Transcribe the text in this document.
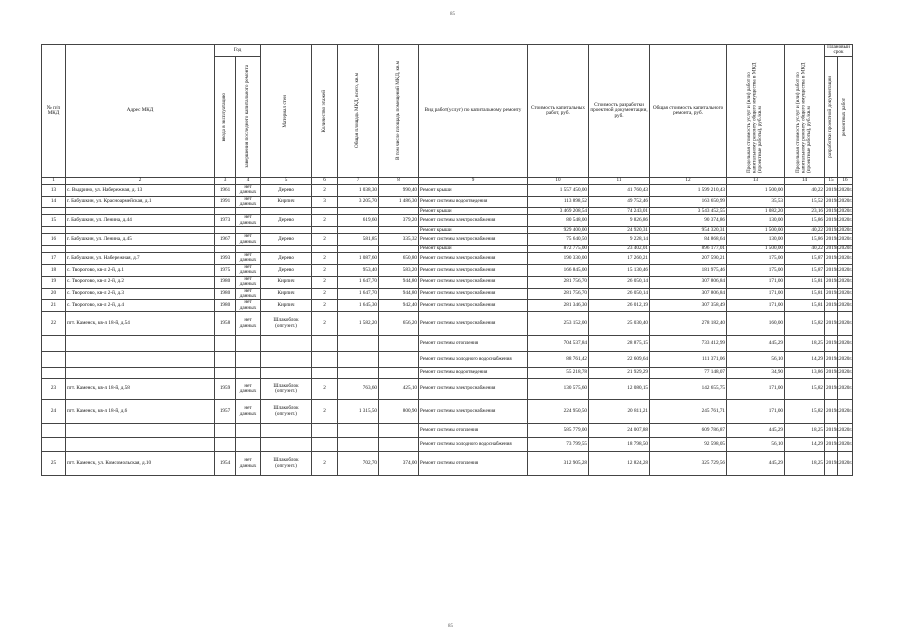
85
№ п/п МКД	Адрес МКД	Год		Материал стен	Количество этажей	Общая площадь МКД, всего, кв.м	В том числе площадь помещений МКД, кв.м	Вид работ(услуг) по капитальному ремонту	Стоимость капитальных работ, руб.	Стоимость разработки проектной документации, руб.	Общая стоимость капитального ремонта, руб.	Предельная стоимость услуг и (или) работ по капитальному ремонту общего имущества в МКД (проектные работы), руб./кв.м	Предельная стоимость услуг и (или) работ по капитальному ремонту общего имущества в МКД (проектные работы), руб./кв.м	Плановый срок	

		ввода в эксплуатацию	завершения последнего капитального ремонта											разработки проектной документации	ремонтных работ

1	2	3	4	5	6	7	8	9	10	11	12	13	14	15	16
13	с. Выдрино, ул. Набережная, д. 13	1961	нет данных	Дерево	2	1 038,30	990,40	Ремонт крыши	1 557 450,00	41 760,43	1 599 210,43	1 500,00	40,22	2019г.	2020г.
14	г. Бабушкин, ул. Красноармейская, д.1	1991	нет данных	Кирпич	3	3 205,70	1 486,30	Ремонт системы водоотведения	113 898,52	49 752,46	163 650,99	35,53	15,52	2019г.	2020г.
								Ремонт крыши	3 469 208,54	74 243,01	3 543 452,55	1 082,20	23,16	2019г.	2020г.
15	г. Бабушкин, ул. Ленина, д.44	1973	нет данных	Дерево	2	619,60	379,20	Ремонт системы электроснабжения	80 548,00	9 826,86	90 374,86	130,00	15,86	2019г.	2020г.
								Ремонт крыши	929 400,00	24 920,31	954 320,31	1 500,00	40,22	2019г.	2020г.
16	г. Бабушкин, ул. Ленина, д.45	1967	нет данных	Дерево	2	581,85	335,32	Ремонт системы электроснабжения	75 640,50	9 228,14	84 868,64	130,00	15,86	2019г.	2020г.
								Ремонт крыши	872 775,00	23 402,01	896 177,01	1 500,00	40,22	2019г.	2020г.
17	г. Бабушкин, ул. Набережная, д.7	1993	нет данных	Дерево	2	1 087,60	650,80	Ремонт системы электроснабжения	190 330,00	17 260,21	207 590,21	175,00	15,87	2019г.	2020г.
18	с. Творогово, кв-л 2-й, д.1	1975	нет данных	Дерево	2	953,40	583,20	Ремонт системы электроснабжения	166 845,00	15 130,46	181 975,46	175,00	15,87	2019г.	2020г.
19	с. Творогово, кв-л 2-й, д.2	1980	нет данных	Кирпич	2	1 647,70	944,80	Ремонт системы электроснабжения	281 756,70	26 050,14	307 806,84	171,00	15,81	2019г.	2020г.
20	с. Творогово, кв-л 2-й, д.3	1980	нет данных	Кирпич	2	1 647,70	944,80	Ремонт системы электроснабжения	281 756,70	26 050,14	307 806,84	171,00	15,81	2019г.	2020г.
21	с. Творогово, кв-л 2-й, д.4	1980	нет данных	Кирпич	2	1 645,30	942,40	Ремонт системы электроснабжения	281 346,30	26 012,19	307 358,49	171,00	15,81	2019г.	2020г.
22	пгт. Каменск, кв-л 18-й, д.54	1958	нет данных	Шлакоблок (опгуэнт.)	2	1 582,20	656,20	Ремонт системы электроснабжения	253 152,00	25 030,40	278 182,40	160,00	15,82	2019г.	2020г.
								Ремонт системы отопления	704 537,84	28 875,15	733 412,99	445,29	18,25	2019г.	2020г.
								Ремонт системы холодного водоснабжения	88 761,42	22 609,64	111 371,06	56,10	14,29	2019г.	2020г.
								Ремонт системы водоотведения	55 218,78	21 929,29	77 148,07	34,90	13,86	2019г.	2020г.
23	пгт. Каменск, кв-л 18-й, д.58	1959	нет данных	Шлакоблок (опгуэнт.)	2	763,60	425,10	Ремонт системы электроснабжения	130 575,60	12 080,15	142 655,75	171,00	15,82	2019г.	2020г.
24	пгт. Каменск, кв-л 18-й, д.6	1957	нет данных	Шлакоблок (опгуэнт.)	2	1 315,50	800,90	Ремонт системы электроснабжения	224 950,50	20 811,21	245 761,71	171,00	15,82	2019г.	2020г.
								Ремонт системы отопления	585 779,00	24 007,88	609 786,87	445,29	18,25	2019г.	2020г.
								Ремонт системы холодного водоснабжения	73 799,55	18 798,50	92 598,05	56,10	14,29	2019г.	2020г.
25	пгт. Каменск, ул. Комсомольская, д.10	1954	нет данных	Шлакоблок (опгуэнт.)	2	702,70	374,00	Ремонт системы отопления	312 905,28	12 824,28	325 729,56	445,29	18,25	2019г.	2020г.
85
